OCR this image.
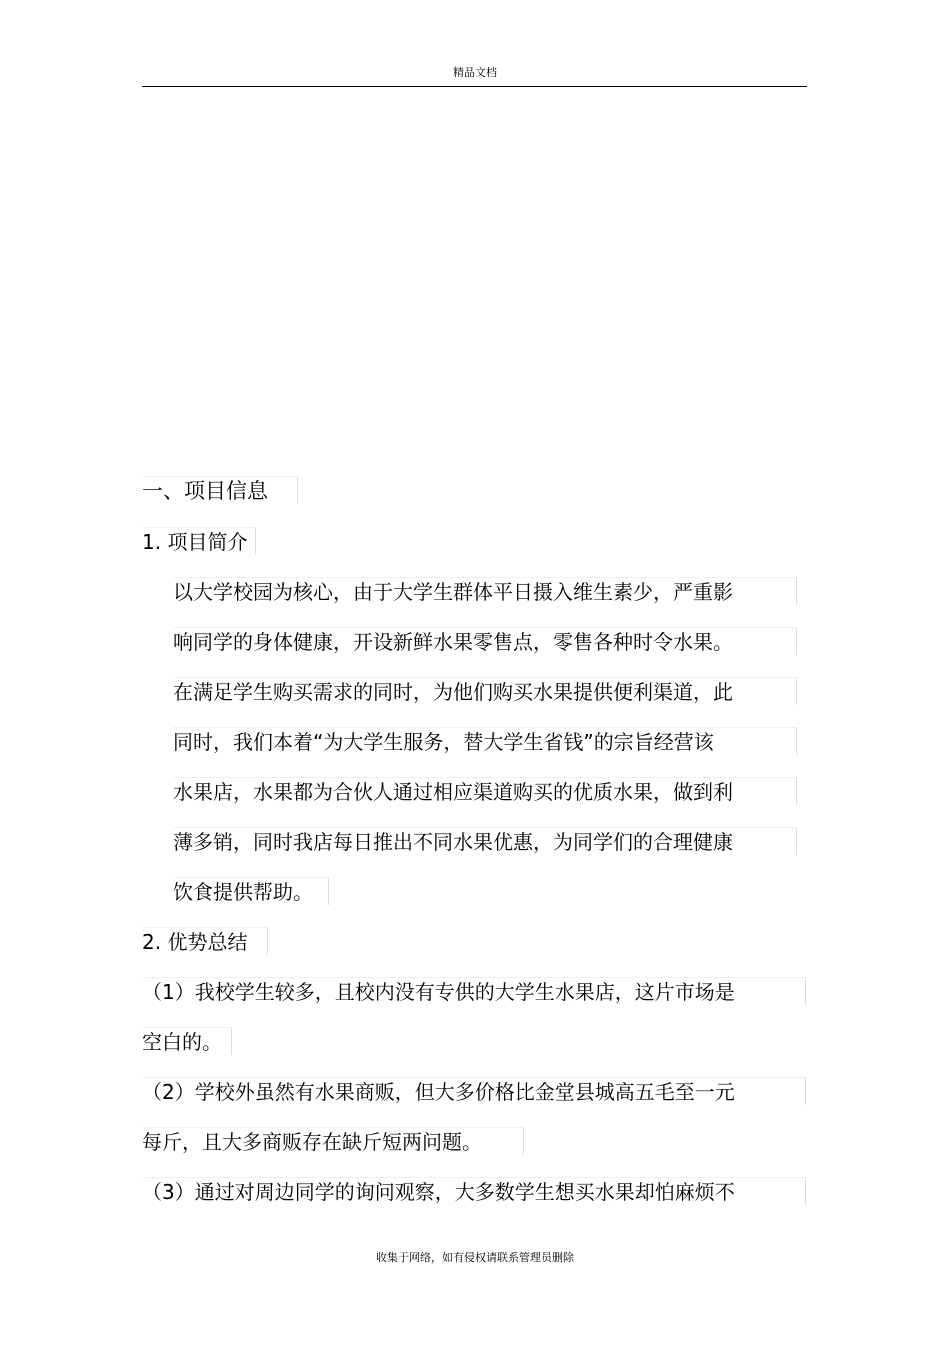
精品文档
一、项目信息
1. 项目简介
以大学校园为核心，由于大学生群体平日摄入维生素少，严重影
响同学的身体健康，开设新鲜水果零售点，零售各种时令水果。
在满足学生购买需求的同时，为他们购买水果提供便利渠道，此
同时，我们本着“为大学生服务，替大学生省钱”的宗旨经营该
水果店，水果都为合伙人通过相应渠道购买的优质水果，做到利
薄多销，同时我店每日推出不同水果优惠，为同学们的合理健康
饮食提供帮助。
2. 优势总结
（1）我校学生较多，且校内没有专供的大学生水果店，这片市场是
空白的。
（2）学校外虽然有水果商贩，但大多价格比金堂县城高五毛至一元
每斤，且大多商贩存在缺斤短两问题。
（3）通过对周边同学的询问观察，大多数学生想买水果却怕麻烦不
收集于网络，如有侵权请联系管理员删除
